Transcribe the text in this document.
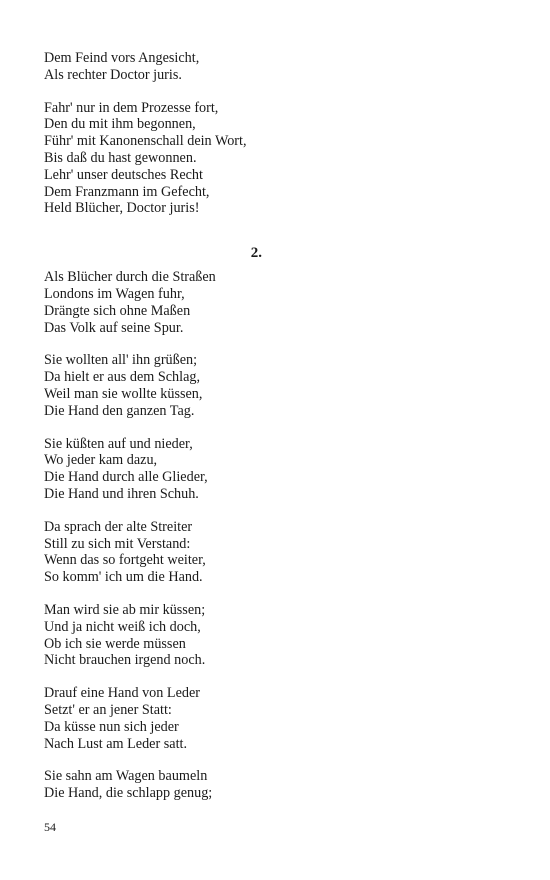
Dem Feind vors Angesicht,
Als rechter Doctor juris.
Fahr' nur in dem Prozesse fort,
Den du mit ihm begonnen,
Führ' mit Kanonenschall dein Wort,
Bis daß du hast gewonnen.
Lehr' unser deutsches Recht
Dem Franzmann im Gefecht,
Held Blücher, Doctor juris!
2.
Als Blücher durch die Straßen
Londons im Wagen fuhr,
Drängte sich ohne Maßen
Das Volk auf seine Spur.
Sie wollten all' ihn grüßen;
Da hielt er aus dem Schlag,
Weil man sie wollte küssen,
Die Hand den ganzen Tag.
Sie küßten auf und nieder,
Wo jeder kam dazu,
Die Hand durch alle Glieder,
Die Hand und ihren Schuh.
Da sprach der alte Streiter
Still zu sich mit Verstand:
Wenn das so fortgeht weiter,
So komm' ich um die Hand.
Man wird sie ab mir küssen;
Und ja nicht weiß ich doch,
Ob ich sie werde müssen
Nicht brauchen irgend noch.
Drauf eine Hand von Leder
Setzt' er an jener Statt:
Da küsse nun sich jeder
Nach Lust am Leder satt.
Sie sahn am Wagen baumeln
Die Hand, die schlapp genug;
54
